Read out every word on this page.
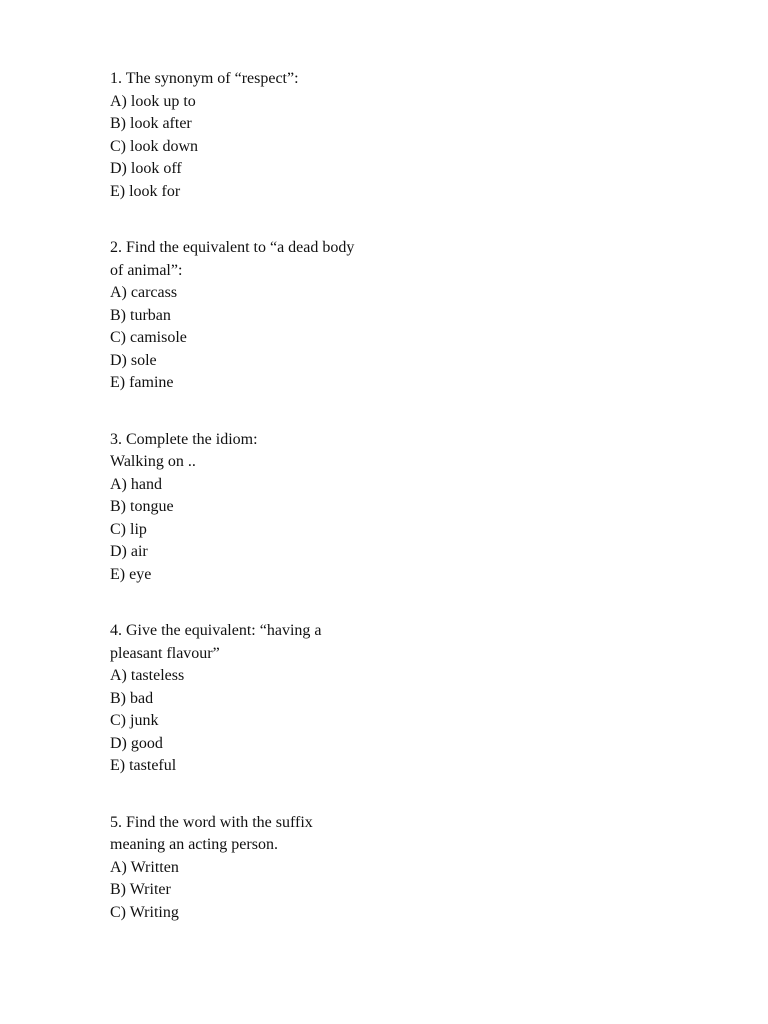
1. The synonym of “respect”:

A) look up to

B) look after

C) look down

D) look off

E) look for

2. Find the equivalent to “a dead body

of animal”:

A) carcass

B) turban

C) camisole

D) sole

E) famine

3. Complete the idiom:

Walking on ..

A) hand

B) tongue

C) lip

D) air

E) eye

4. Give the equivalent: “having a

pleasant flavour”

A) tasteless

B) bad

C) junk

D) good

E) tasteful

5. Find the word with the suffix

meaning an acting person.

A) Written

B) Writer

C) Writing
